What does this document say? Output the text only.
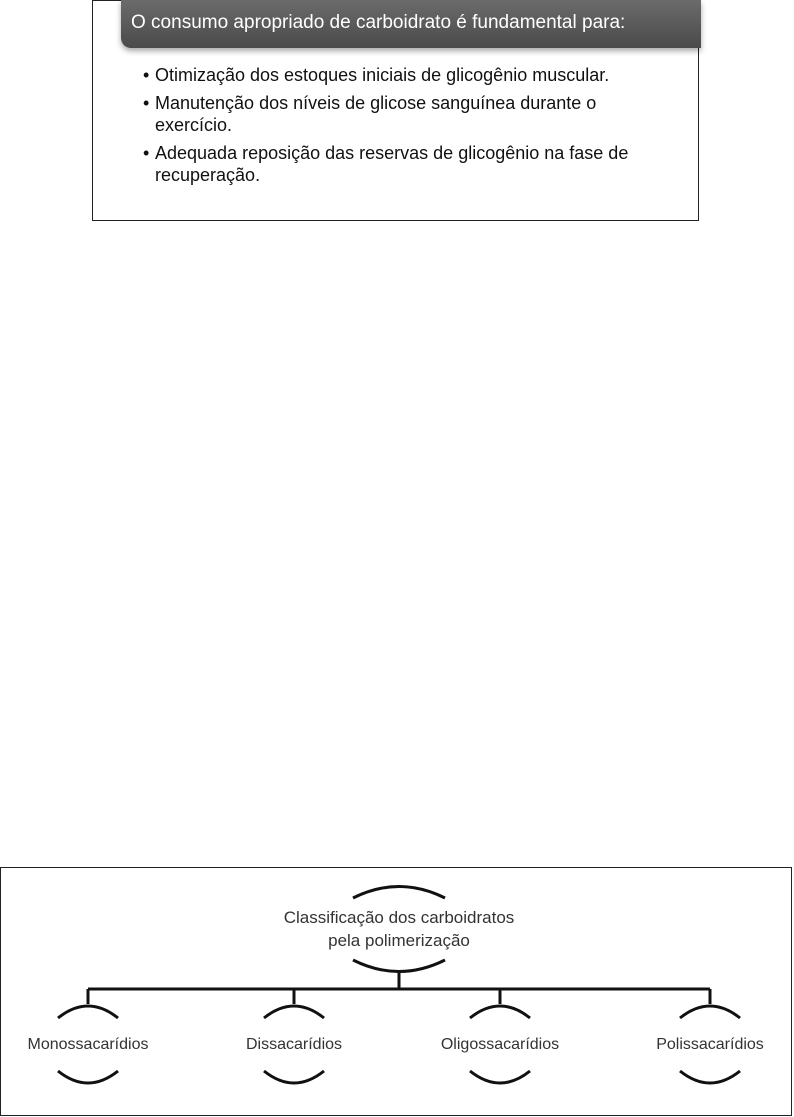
O consumo apropriado de carboidrato é fundamental para:
• Otimização dos estoques iniciais de glicogênio muscular.
• Manutenção dos níveis de glicose sanguínea durante o exercício.
• Adequada reposição das reservas de glicogênio na fase de recuperação.
Classificação dos carboidratos
pela polimerização
Monossacarídios	Dissacarídios	Oligossacarídios	Polissacarídios
